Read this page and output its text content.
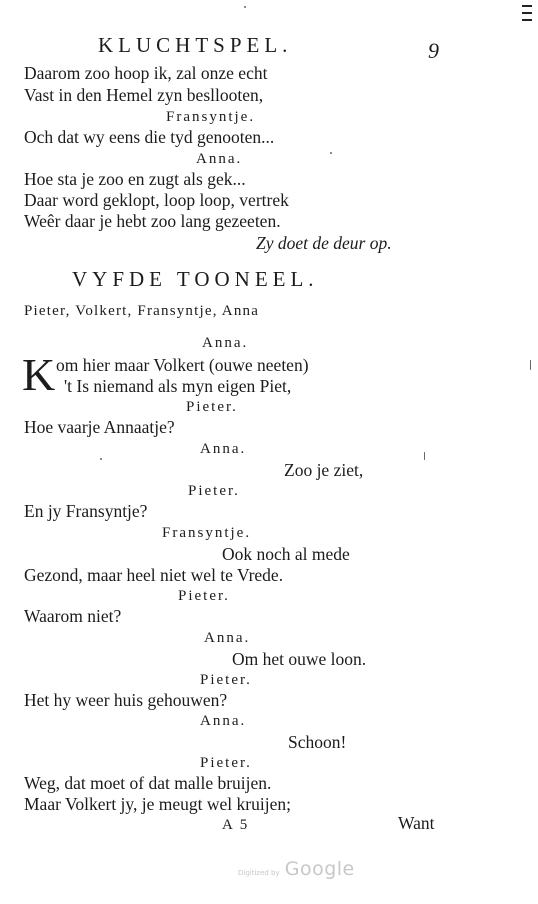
KLUCHTSPEL.	9
Daarom zoo hoop ik, zal onze echt
Vast in den Hemel zyn besllooten,
Fransyntje.
Och dat wy eens die tyd genooten...
Anna.
Hoe sta je zoo en zugt als gek...
Daar word geklopt, loop loop, vertrek
Weêr daar je hebt zoo lang gezeeten.
Zy doet de deur op.
VYFDE TOONEEL.
Pieter, Volkert, Fransyntje, Anna
Anna.
K om hier maar Volkert (ouwe neeten)
't Is niemand als myn eigen Piet,
Pieter.
Hoe vaarje Annaatje?
Anna.
Zoo je ziet,
Pieter.
En jy Fransyntje?
Fransyntje.
Ook noch al mede
Gezond, maar heel niet wel te Vrede.
Pieter.
Waarom niet?
Anna.
Om het ouwe loon.
Pieter.
Het hy weer huis gehouwen?
Anna.
Schoon!
Pieter.
Weg, dat moet of dat malle bruijen.
Maar Volkert jy, je meugt wel kruijen;
A 5	Want
Digitized by Google
